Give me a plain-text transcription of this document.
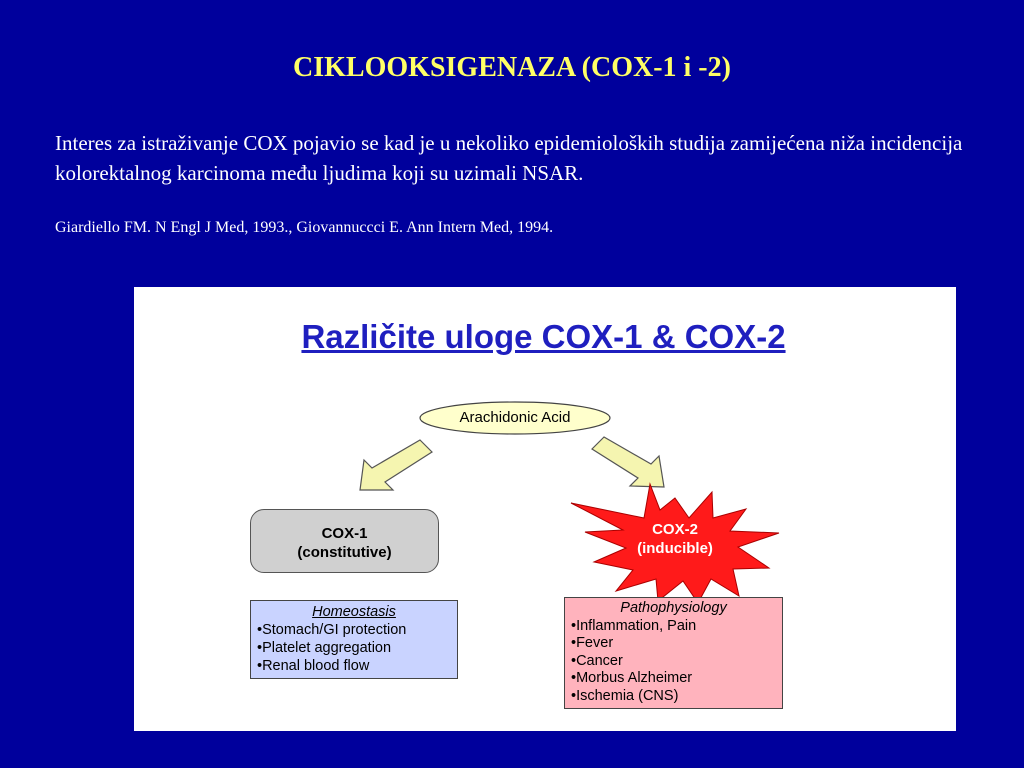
CIKLOOKSIGENAZA (COX-1 i -2)

Interes za istraživanje COX pojavio se kad je u nekoliko epidemioloških studija zamijećena niža incidencija kolorektalnog karcinoma među ljudima koji su uzimali NSAR.

Giardiello FM. N Engl J Med, 1993., Giovannuccci E. Ann Intern Med, 1994.

Različite uloge COX-1 & COX-2
Arachidonic Acid
COX-1
(constitutive)
COX-2
(inducible)
Homeostasis
• Stomach/GI protection
• Platelet aggregation
• Renal blood flow
Pathophysiology
• Inflammation, Pain
• Fever
• Cancer
• Morbus Alzheimer
• Ischemia (CNS)
